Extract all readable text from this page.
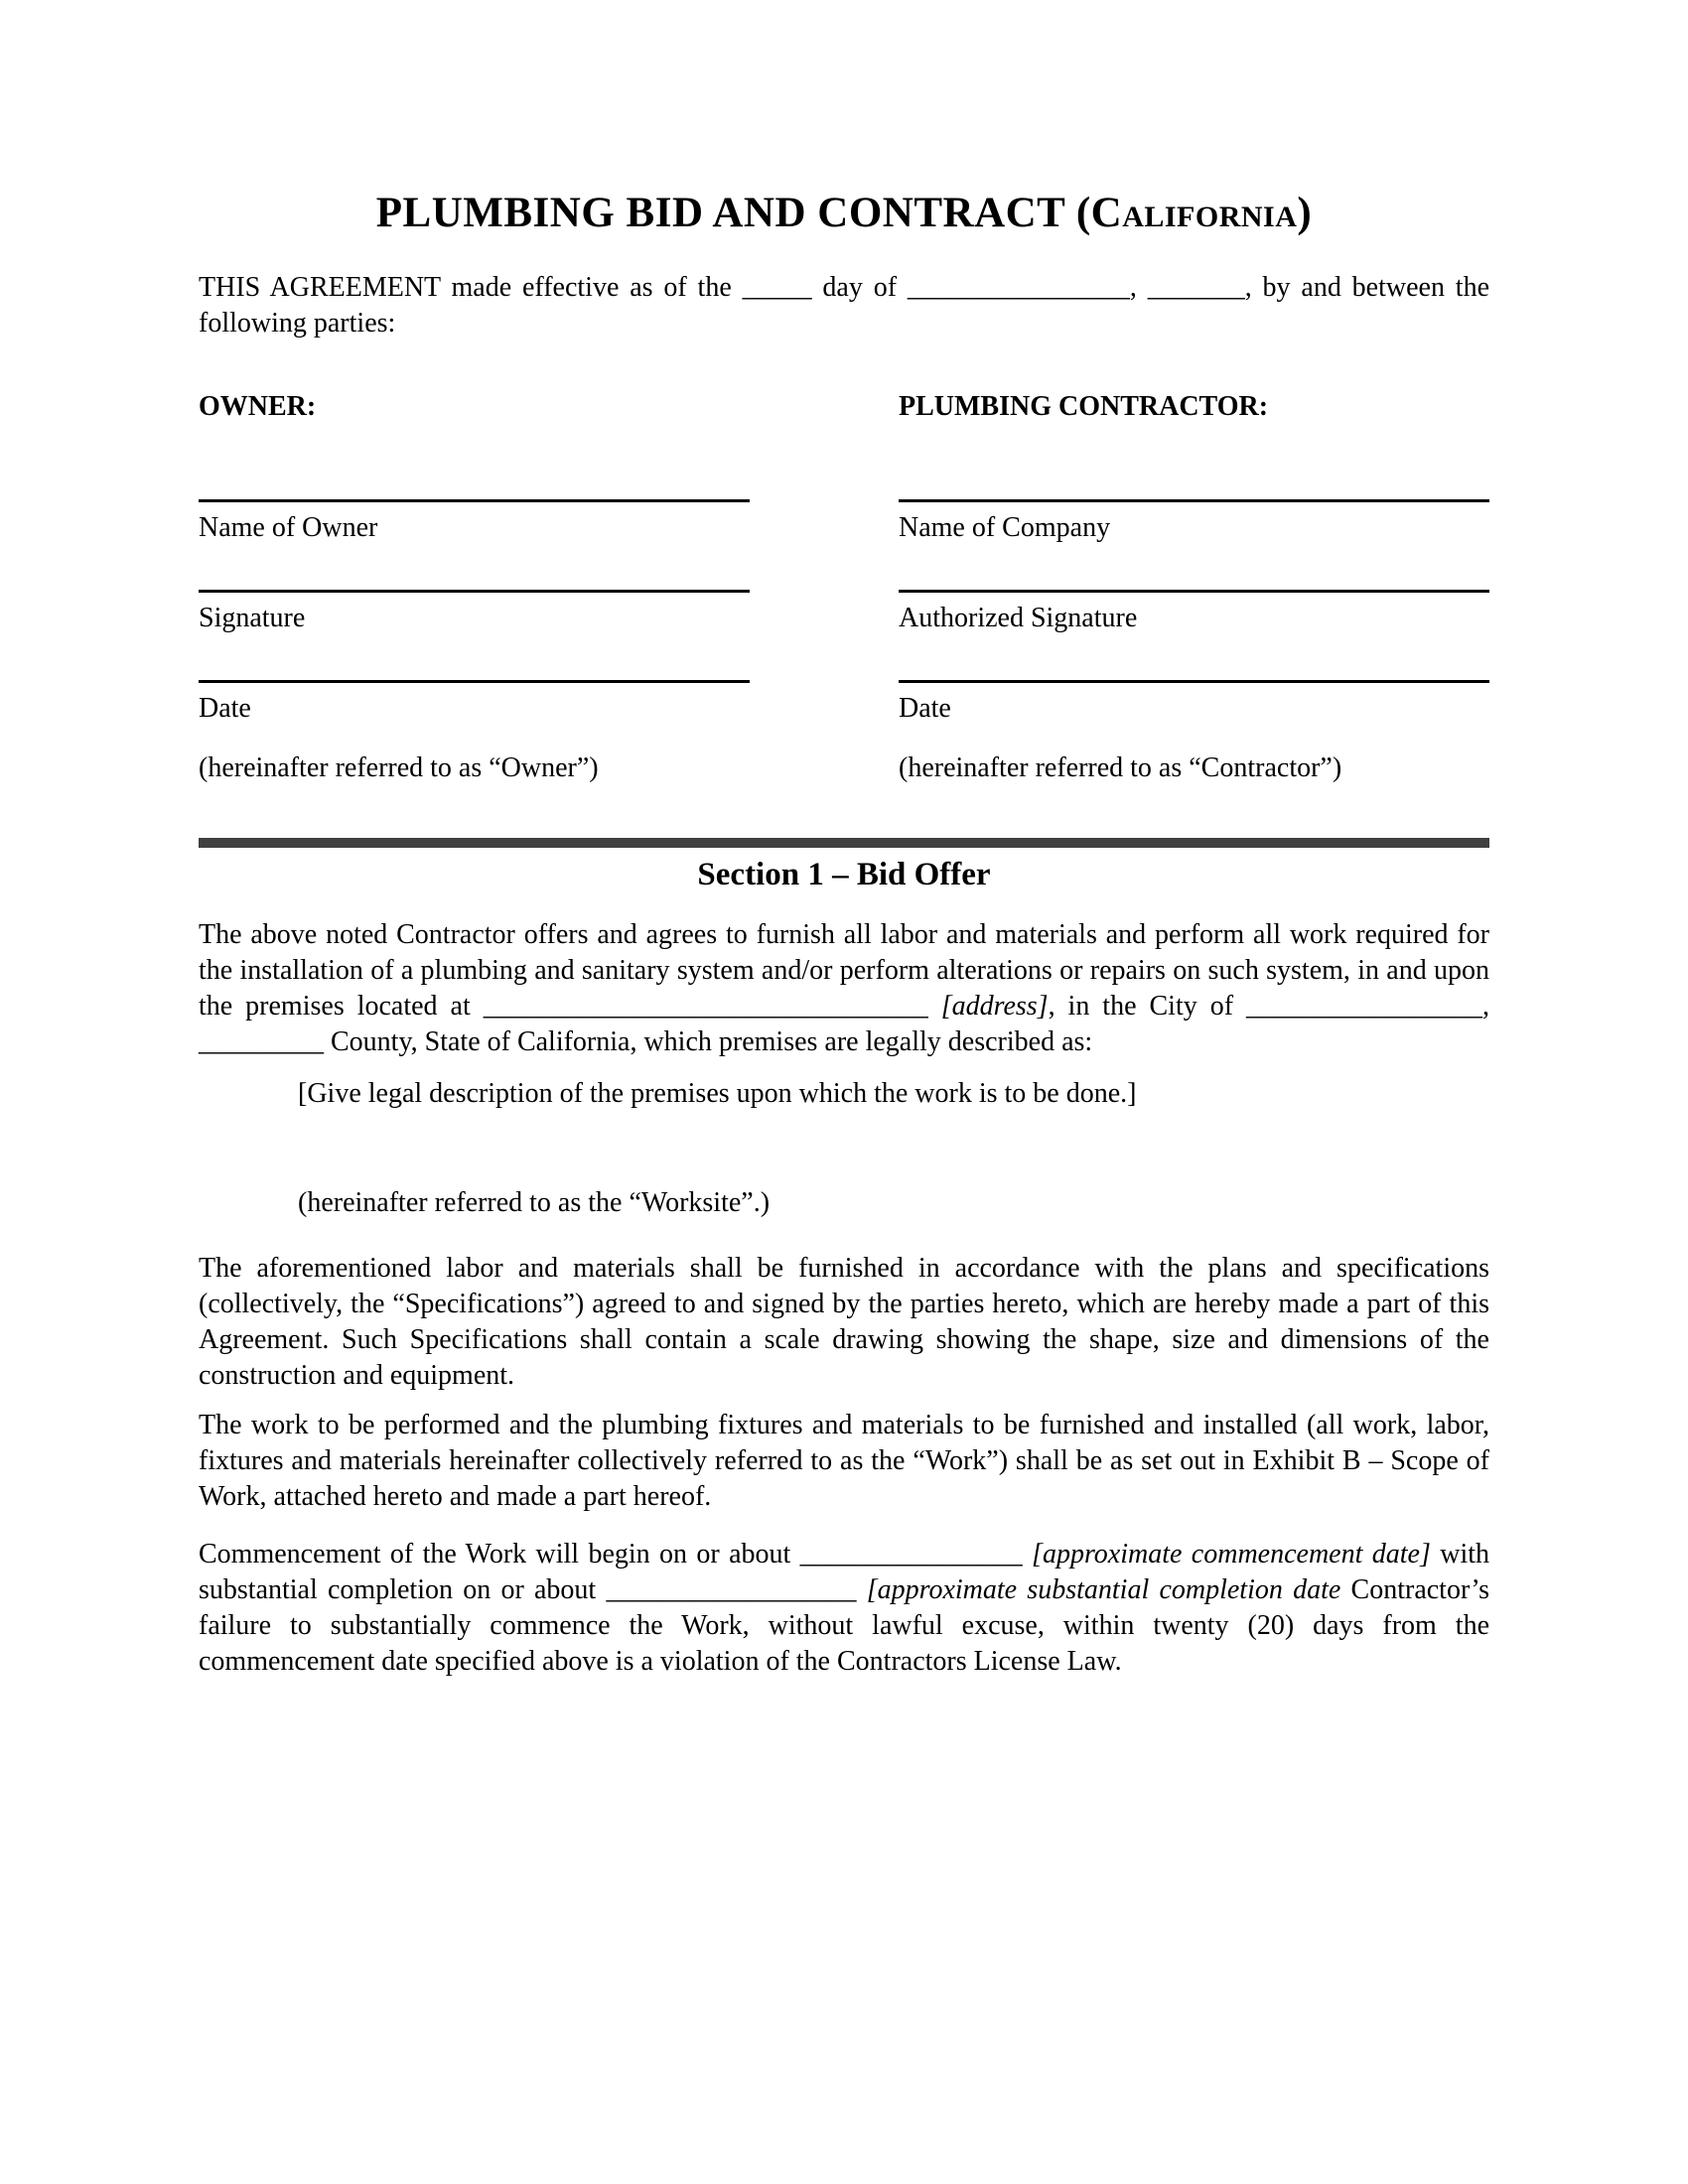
PLUMBING BID AND CONTRACT (California)

THIS AGREEMENT made effective as of the _____ day of ________________, _______, by and between the following parties:

OWNER:
Name of Owner
Signature
Date
(hereinafter referred to as “Owner”)
PLUMBING CONTRACTOR:
Name of Company
Authorized Signature
Date
(hereinafter referred to as “Contractor”)
Section 1 – Bid Offer

The above noted Contractor offers and agrees to furnish all labor and materials and perform all work required for the installation of a plumbing and sanitary system and/or perform alterations or repairs on such system, in and upon the premises located at ________________________________ [address], in the City of _________________, _________ County, State of California, which premises are legally described as:

[Give legal description of the premises upon which the work is to be done.]

(hereinafter referred to as the “Worksite”.)

The aforementioned labor and materials shall be furnished in accordance with the plans and specifications (collectively, the “Specifications”) agreed to and signed by the parties hereto, which are hereby made a part of this Agreement. Such Specifications shall contain a scale drawing showing the shape, size and dimensions of the construction and equipment.

The work to be performed and the plumbing fixtures and materials to be furnished and installed (all work, labor, fixtures and materials hereinafter collectively referred to as the “Work”) shall be as set out in Exhibit B – Scope of Work, attached hereto and made a part hereof.

Commencement of the Work will begin on or about ________________ [approximate commencement date] with substantial completion on or about __________________ [approximate substantial completion date Contractor’s failure to substantially commence the Work, without lawful excuse, within twenty (20) days from the commencement date specified above is a violation of the Contractors License Law.
